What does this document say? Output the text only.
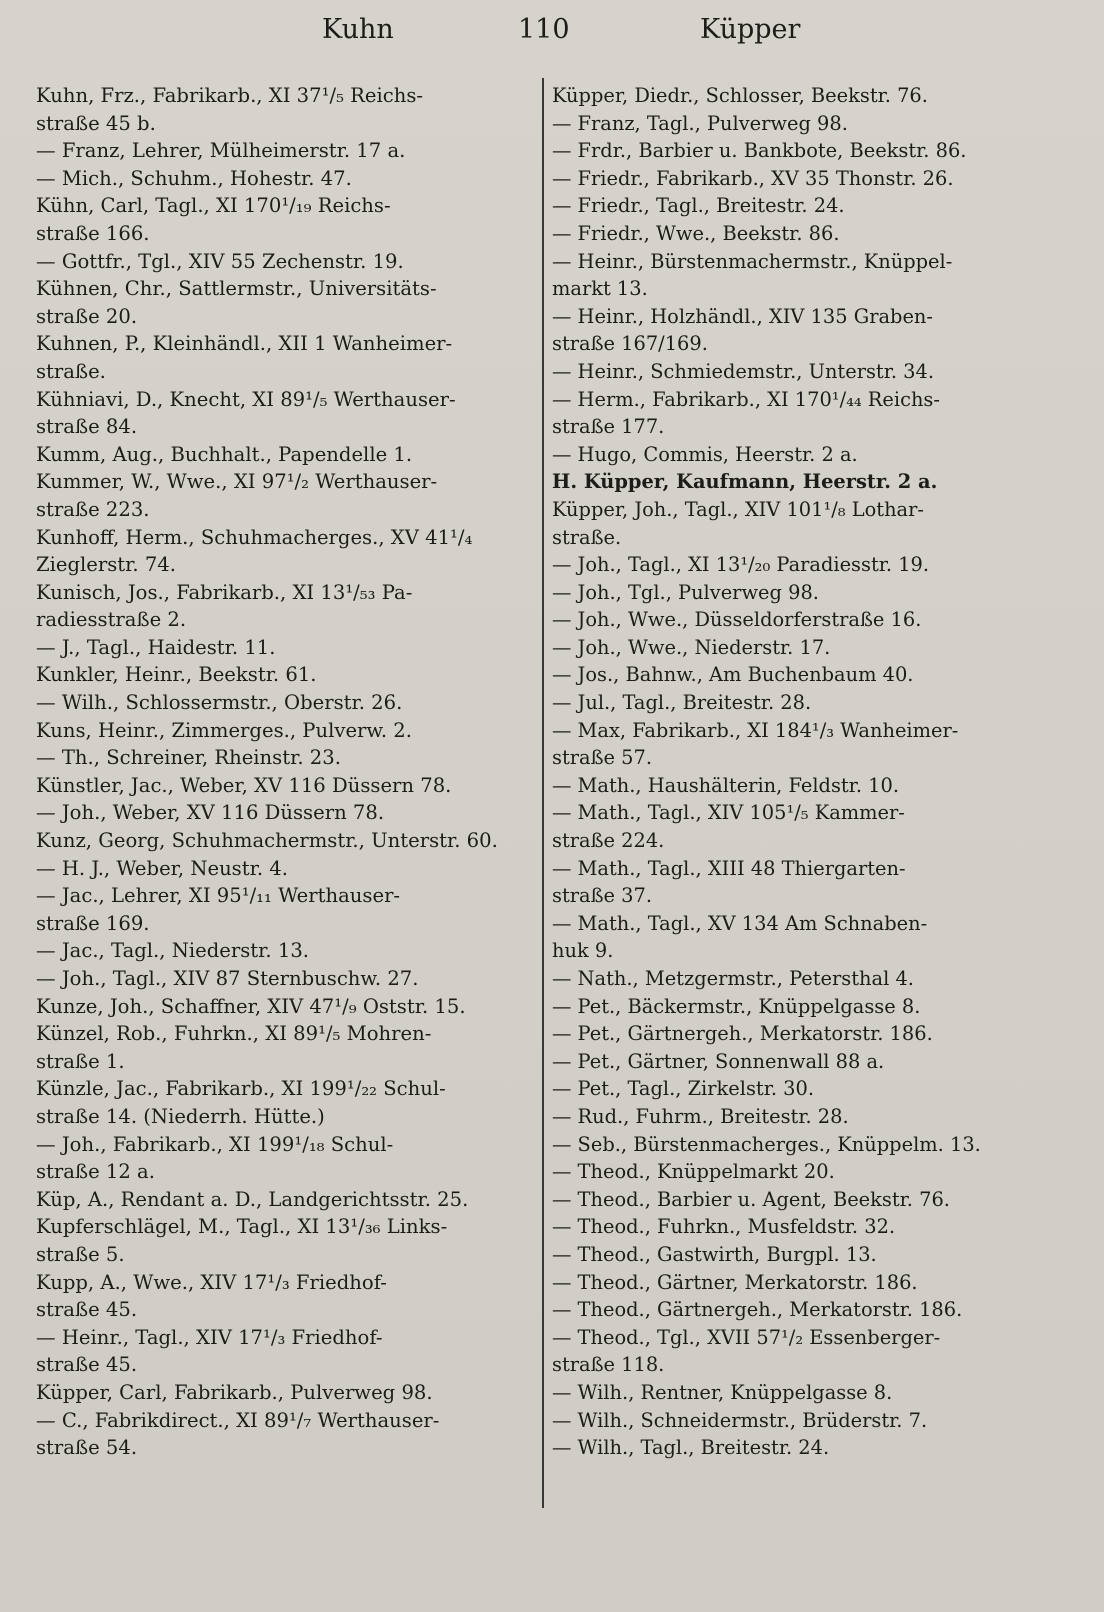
Kuhn	110	Küpper
Kuhn, Frz., Fabrikarb., XI 37¹/₅ Reichs-
straße 45 b.
— Franz, Lehrer, Mülheimerstr. 17 a.
— Mich., Schuhm., Hohestr. 47.
Kühn, Carl, Tagl., XI 170¹/₁₉ Reichs-
straße 166.
— Gottfr., Tgl., XIV 55 Zechenstr. 19.
Kühnen, Chr., Sattlermstr., Universitäts-
straße 20.
Kuhnen, P., Kleinhändl., XII 1 Wanheimer-
straße.
Kühniavi, D., Knecht, XI 89¹/₅ Werthauser-
straße 84.
Kumm, Aug., Buchhalt., Papendelle 1.
Kummer, W., Wwe., XI 97¹/₂ Werthauser-
straße 223.
Kunhoff, Herm., Schuhmacherges., XV 41¹/₄
Zieglerstr. 74.
Kunisch, Jos., Fabrikarb., XI 13¹/₅₃ Pa-
radiesstraße 2.
— J., Tagl., Haidestr. 11.
Kunkler, Heinr., Beekstr. 61.
— Wilh., Schlossermstr., Oberstr. 26.
Kuns, Heinr., Zimmerges., Pulverw. 2.
— Th., Schreiner, Rheinstr. 23.
Künstler, Jac., Weber, XV 116 Düssern 78.
— Joh., Weber, XV 116 Düssern 78.
Kunz, Georg, Schuhmachermstr., Unterstr. 60.
— H. J., Weber, Neustr. 4.
— Jac., Lehrer, XI 95¹/₁₁ Werthauser-
straße 169.
— Jac., Tagl., Niederstr. 13.
— Joh., Tagl., XIV 87 Sternbuschw. 27.
Kunze, Joh., Schaffner, XIV 47¹/₉ Oststr. 15.
Künzel, Rob., Fuhrkn., XI 89¹/₅ Mohren-
straße 1.
Künzle, Jac., Fabrikarb., XI 199¹/₂₂ Schul-
straße 14. (Niederrh. Hütte.)
— Joh., Fabrikarb., XI 199¹/₁₈ Schul-
straße 12 a.
Küp, A., Rendant a. D., Landgerichtsstr. 25.
Kupferschlägel, M., Tagl., XI 13¹/₃₆ Links-
straße 5.
Kupp, A., Wwe., XIV 17¹/₃ Friedhof-
straße 45.
— Heinr., Tagl., XIV 17¹/₃ Friedhof-
straße 45.
Küpper, Carl, Fabrikarb., Pulverweg 98.
— C., Fabrikdirect., XI 89¹/₇ Werthauser-
straße 54.
Küpper, Diedr., Schlosser, Beekstr. 76.
— Franz, Tagl., Pulverweg 98.
— Frdr., Barbier u. Bankbote, Beekstr. 86.
— Friedr., Fabrikarb., XV 35 Thonstr. 26.
— Friedr., Tagl., Breitestr. 24.
— Friedr., Wwe., Beekstr. 86.
— Heinr., Bürstenmachermstr., Knüppel-
markt 13.
— Heinr., Holzhändl., XIV 135 Graben-
straße 167/169.
— Heinr., Schmiedemstr., Unterstr. 34.
— Herm., Fabrikarb., XI 170¹/₄₄ Reichs-
straße 177.
— Hugo, Commis, Heerstr. 2 a.
H. Küpper, Kaufmann, Heerstr. 2 a.
Küpper, Joh., Tagl., XIV 101¹/₈ Lothar-
straße.
— Joh., Tagl., XI 13¹/₂₀ Paradiesstr. 19.
— Joh., Tgl., Pulverweg 98.
— Joh., Wwe., Düsseldorferstraße 16.
— Joh., Wwe., Niederstr. 17.
— Jos., Bahnw., Am Buchenbaum 40.
— Jul., Tagl., Breitestr. 28.
— Max, Fabrikarb., XI 184¹/₃ Wanheimer-
straße 57.
— Math., Haushälterin, Feldstr. 10.
— Math., Tagl., XIV 105¹/₅ Kammer-
straße 224.
— Math., Tagl., XIII 48 Thiergarten-
straße 37.
— Math., Tagl., XV 134 Am Schnaben-
huk 9.
— Nath., Metzgermstr., Petersthal 4.
— Pet., Bäckermstr., Knüppelgasse 8.
— Pet., Gärtnergeh., Merkatorstr. 186.
— Pet., Gärtner, Sonnenwall 88 a.
— Pet., Tagl., Zirkelstr. 30.
— Rud., Fuhrm., Breitestr. 28.
— Seb., Bürstenmacherges., Knüppelm. 13.
— Theod., Knüppelmarkt 20.
— Theod., Barbier u. Agent, Beekstr. 76.
— Theod., Fuhrkn., Musfeldstr. 32.
— Theod., Gastwirth, Burgpl. 13.
— Theod., Gärtner, Merkatorstr. 186.
— Theod., Gärtnergeh., Merkatorstr. 186.
— Theod., Tgl., XVII 57¹/₂ Essenberger-
straße 118.
— Wilh., Rentner, Knüppelgasse 8.
— Wilh., Schneidermstr., Brüderstr. 7.
— Wilh., Tagl., Breitestr. 24.
